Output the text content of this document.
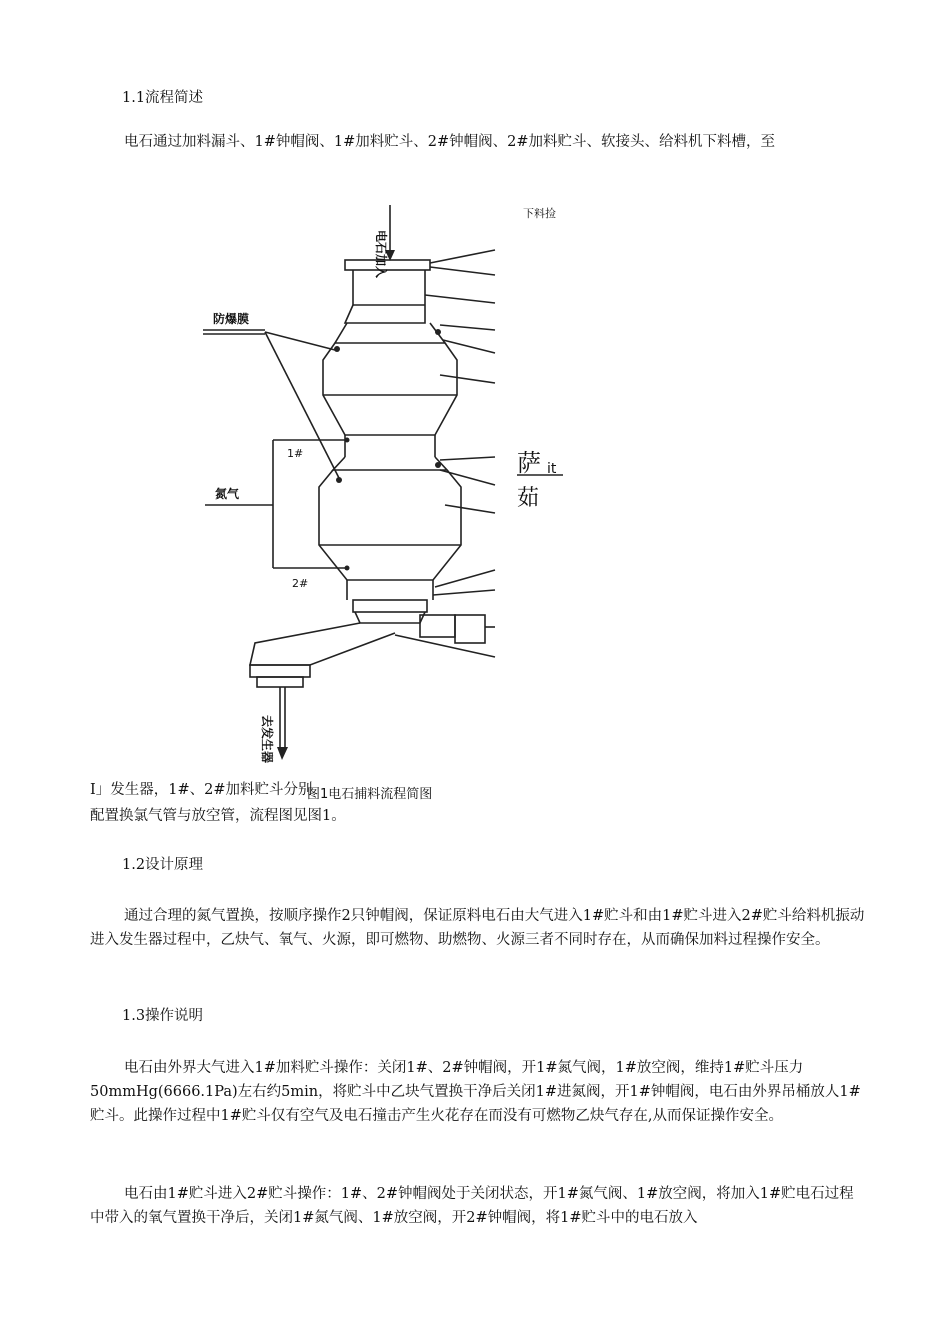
1.1流程简述
电石通过加料漏斗、1#钟帽阀、1#加料贮斗、2#钟帽阀、2#加料贮斗、软接头、给料机下料槽，至
电石加入
下料捡
防爆膜
氮气
1#
2#
萨 it
茹
去发生器
图1电石捕料流程简图
I」发生器，1#、2#加料贮斗分别
配置换氯气管与放空管，流程图见图1。
1.2设计原理
通过合理的氮气置换，按顺序操作2只钟帽阀，保证原料电石由大气进入1#贮斗和由1#贮斗进入2#贮斗给料机振动进入发生器过程中，乙炔气、氧气、火源，即可燃物、助燃物、火源三者不同时存在，从而确保加料过程操作安全。
1.3操作说明
电石由外界大气进入1#加料贮斗操作：关闭1#、2#钟帽阀，开1#氮气阀，1#放空阀，维持1#贮斗压力50mmHg(6666.1Pa)左右约5min，将贮斗中乙块气置换干净后关闭1#进氮阀，开1#钟帽阀，电石由外界吊桶放人1#贮斗。此操作过程中1#贮斗仅有空气及电石撞击产生火花存在而没有可燃物乙炔气存在,从而保证操作安全。
电石由1#贮斗进入2#贮斗操作：1#、2#钟帽阀处于关闭状态，开1#氮气阀、1#放空阀，将加入1#贮电石过程中带入的氧气置换干净后，关闭1#氮气阀、1#放空阀，开2#钟帽阀，将1#贮斗中的电石放入
